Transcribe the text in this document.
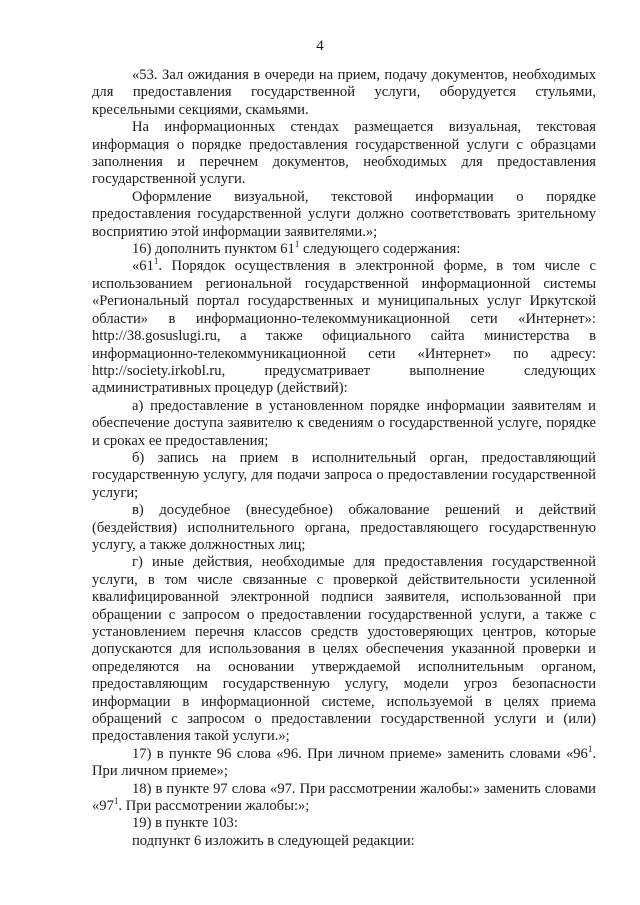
4

«53. Зал ожидания в очереди на прием, подачу документов, необходимых для предоставления государственной услуги, оборудуется стульями, кресельными секциями, скамьями.

На информационных стендах размещается визуальная, текстовая информация о порядке предоставления государственной услуги с образцами заполнения и перечнем документов, необходимых для предоставления государственной услуги.

Оформление визуальной, текстовой информации о порядке предоставления государственной услуги должно соответствовать зрительному восприятию этой информации заявителями.»;

16) дополнить пунктом $61^1$ следующего содержания:

«$61^1$. Порядок осуществления в электронной форме, в том числе с использованием региональной государственной информационной системы «Региональный портал государственных и муниципальных услуг Иркутской области» в информационно-телекоммуникационной сети «Интернет»: http://38.gosuslugi.ru, а также официального сайта министерства в информационно-телекоммуникационной сети «Интернет» по адресу: http://society.irkobl.ru, предусматривает выполнение следующих административных процедур (действий):

а) предоставление в установленном порядке информации заявителям и обеспечение доступа заявителю к сведениям о государственной услуге, порядке и сроках ее предоставления;

б) запись на прием в исполнительный орган, предоставляющий государственную услугу, для подачи запроса о предоставлении государственной услуги;

в) досудебное (внесудебное) обжалование решений и действий (бездействия) исполнительного органа, предоставляющего государственную услугу, а также должностных лиц;

г) иные действия, необходимые для предоставления государственной услуги, в том числе связанные с проверкой действительности усиленной квалифицированной электронной подписи заявителя, использованной при обращении с запросом о предоставлении государственной услуги, а также с установлением перечня классов средств удостоверяющих центров, которые допускаются для использования в целях обеспечения указанной проверки и определяются на основании утверждаемой исполнительным органом, предоставляющим государственную услугу, модели угроз безопасности информации в информационной системе, используемой в целях приема обращений с запросом о предоставлении государственной услуги и (или) предоставления такой услуги.»;

17) в пункте 96 слова «96. При личном приеме» заменить словами «$96^1$. При личном приеме»;

18) в пункте 97 слова «97. При рассмотрении жалобы:» заменить словами «$97^1$. При рассмотрении жалобы:»;

19) в пункте 103:

подпункт 6 изложить в следующей редакции:
